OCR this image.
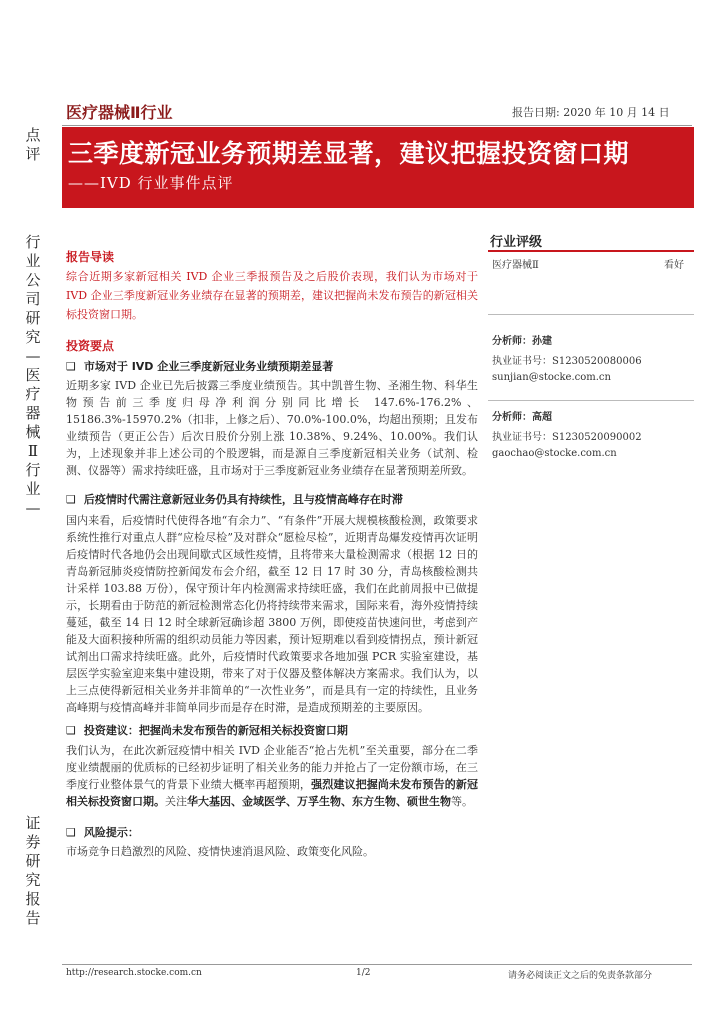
点
评
行
业
公
司
研
究
—
医
疗
器
械
Ⅱ
行
业
—
证
券
研
究
报
告
医疗器械Ⅱ行业	报告日期: 2020 年 10 月 14 日
三季度新冠业务预期差显著，建议把握投资窗口期
——IVD 行业事件点评
报告导读
综合近期多家新冠相关 IVD 企业三季报预告及之后股价表现，我们认为市场对于 IVD 企业三季度新冠业务业绩存在显著的预期差，建议把握尚未发布预告的新冠相关标投资窗口期。
投资要点
❑ 市场对于 IVD 企业三季度新冠业务业绩预期差显著
近期多家 IVD 企业已先后披露三季度业绩预告。其中凯普生物、圣湘生物、科华生物预告前三季度归母净利润分别同比增长 147.6%-176.2%、15186.3%-15970.2%（扣非，上修之后）、70.0%-100.0%，均超出预期；且发布业绩预告（更正公告）后次日股价分别上涨 10.38%、9.24%、10.00%。我们认为，上述现象并非上述公司的个股逻辑，而是源自三季度新冠相关业务（试剂、检测、仪器等）需求持续旺盛，且市场对于三季度新冠业务业绩存在显著预期差所致。
❑ 后疫情时代需注意新冠业务仍具有持续性，且与疫情高峰存在时滞
国内来看，后疫情时代使得各地“有余力”、“有条件”开展大规模核酸检测，政策要求系统性推行对重点人群“应检尽检”及对群众“愿检尽检”，近期青岛爆发疫情再次证明后疫情时代各地仍会出现间歇式区域性疫情，且将带来大量检测需求（根据 12 日的青岛新冠肺炎疫情防控新闻发布会介绍，截至 12 日 17 时 30 分，青岛核酸检测共计采样 103.88 万份），保守预计年内检测需求持续旺盛，我们在此前周报中已做提示，长期看由于防范的新冠检测常态化仍将持续带来需求，国际来看，海外疫情持续蔓延，截至 14 日 12 时全球新冠确诊超 3800 万例，即使疫苗快速问世，考虑到产能及大面积接种所需的组织动员能力等因素，预计短期难以看到疫情拐点，预计新冠试剂出口需求持续旺盛。此外，后疫情时代政策要求各地加强 PCR 实验室建设，基层医学实验室迎来集中建设期，带来了对于仪器及整体解决方案需求。我们认为，以上三点使得新冠相关业务并非简单的“一次性业务”，而是具有一定的持续性，且业务高峰期与疫情高峰并非简单同步而是存在时滞，是造成预期差的主要原因。
❑ 投资建议：把握尚未发布预告的新冠相关标投资窗口期
我们认为，在此次新冠疫情中相关 IVD 企业能否“抢占先机”至关重要，部分在二季度业绩靓丽的优质标的已经初步证明了相关业务的能力并抢占了一定份额市场，在三季度行业整体景气的背景下业绩大概率再超预期，强烈建议把握尚未发布预告的新冠相关标投资窗口期。关注华大基因、金域医学、万孚生物、东方生物、硕世生物等。
❑ 风险提示：
市场竞争日趋激烈的风险、疫情快速消退风险、政策变化风险。
行业评级
医疗器械Ⅱ	看好
分析师：孙建
执业证书号：S1230520080006
sunjian@stocke.com.cn
分析师：高超
执业证书号：S1230520090002
gaochao@stocke.com.cn
http://research.stocke.com.cn	1/2	请务必阅读正文之后的免责条款部分
